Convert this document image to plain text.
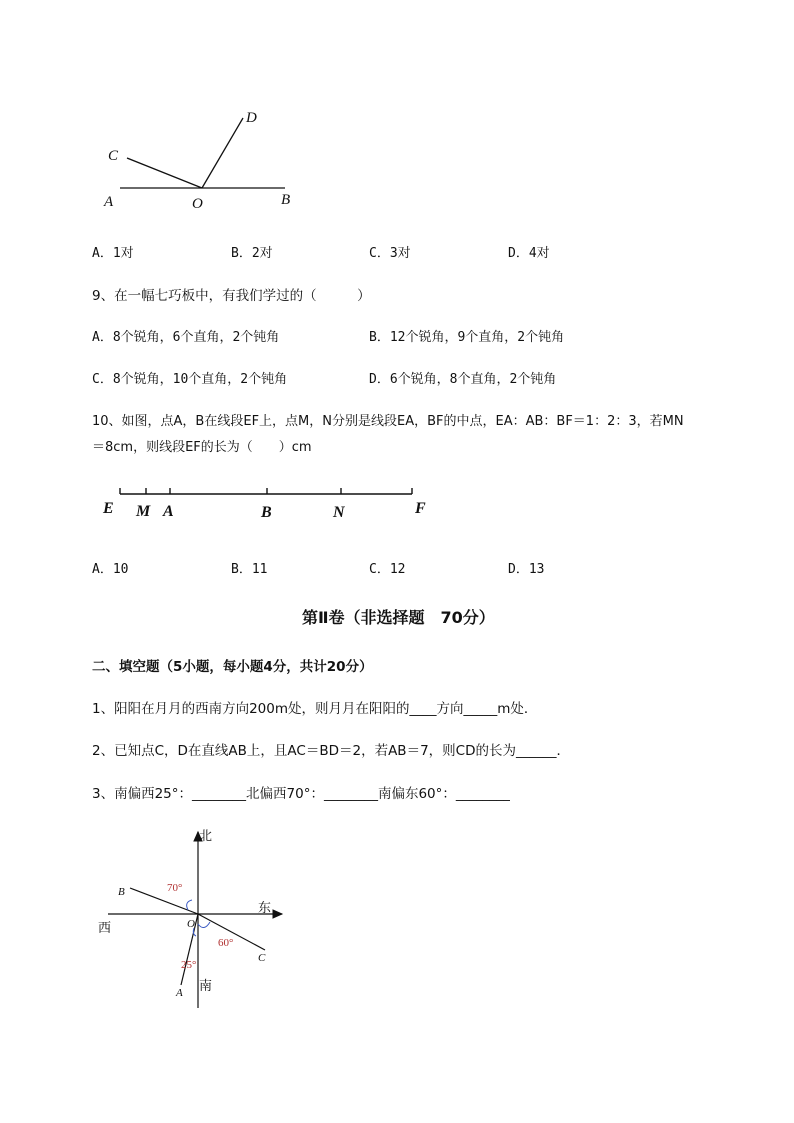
C
D
A	O	B
A．1对	B．2对	C．3对	D．4对
9、在一幅七巧板中，有我们学过的（　　　）
A．8个锐角，6个直角，2个钝角	B．12个锐角，9个直角，2个钝角
C．8个锐角，10个直角，2个钝角	D．6个锐角，8个直角，2个钝角
10、如图，点A，B在线段EF上，点M，N分别是线段EA，BF的中点，EA：AB：BF＝1：2：3，若MN
＝8cm，则线段EF的长为（　　）cm
E M A	B	N	F
A．10	B．11	C．12	D．13
第Ⅱ卷（非选择题　70分）
二、填空题（5小题，每小题4分，共计20分）
1、阳阳在月月的西南方向200m处，则月月在阳阳的____方向_____m处．
2、已知点C，D在直线AB上，且AC＝BD＝2，若AB＝7，则CD的长为______．
3、南偏西25°：________北偏西70°：________南偏东60°：________
北
东
西
南
70°
60°
25°
B
C
A
O
